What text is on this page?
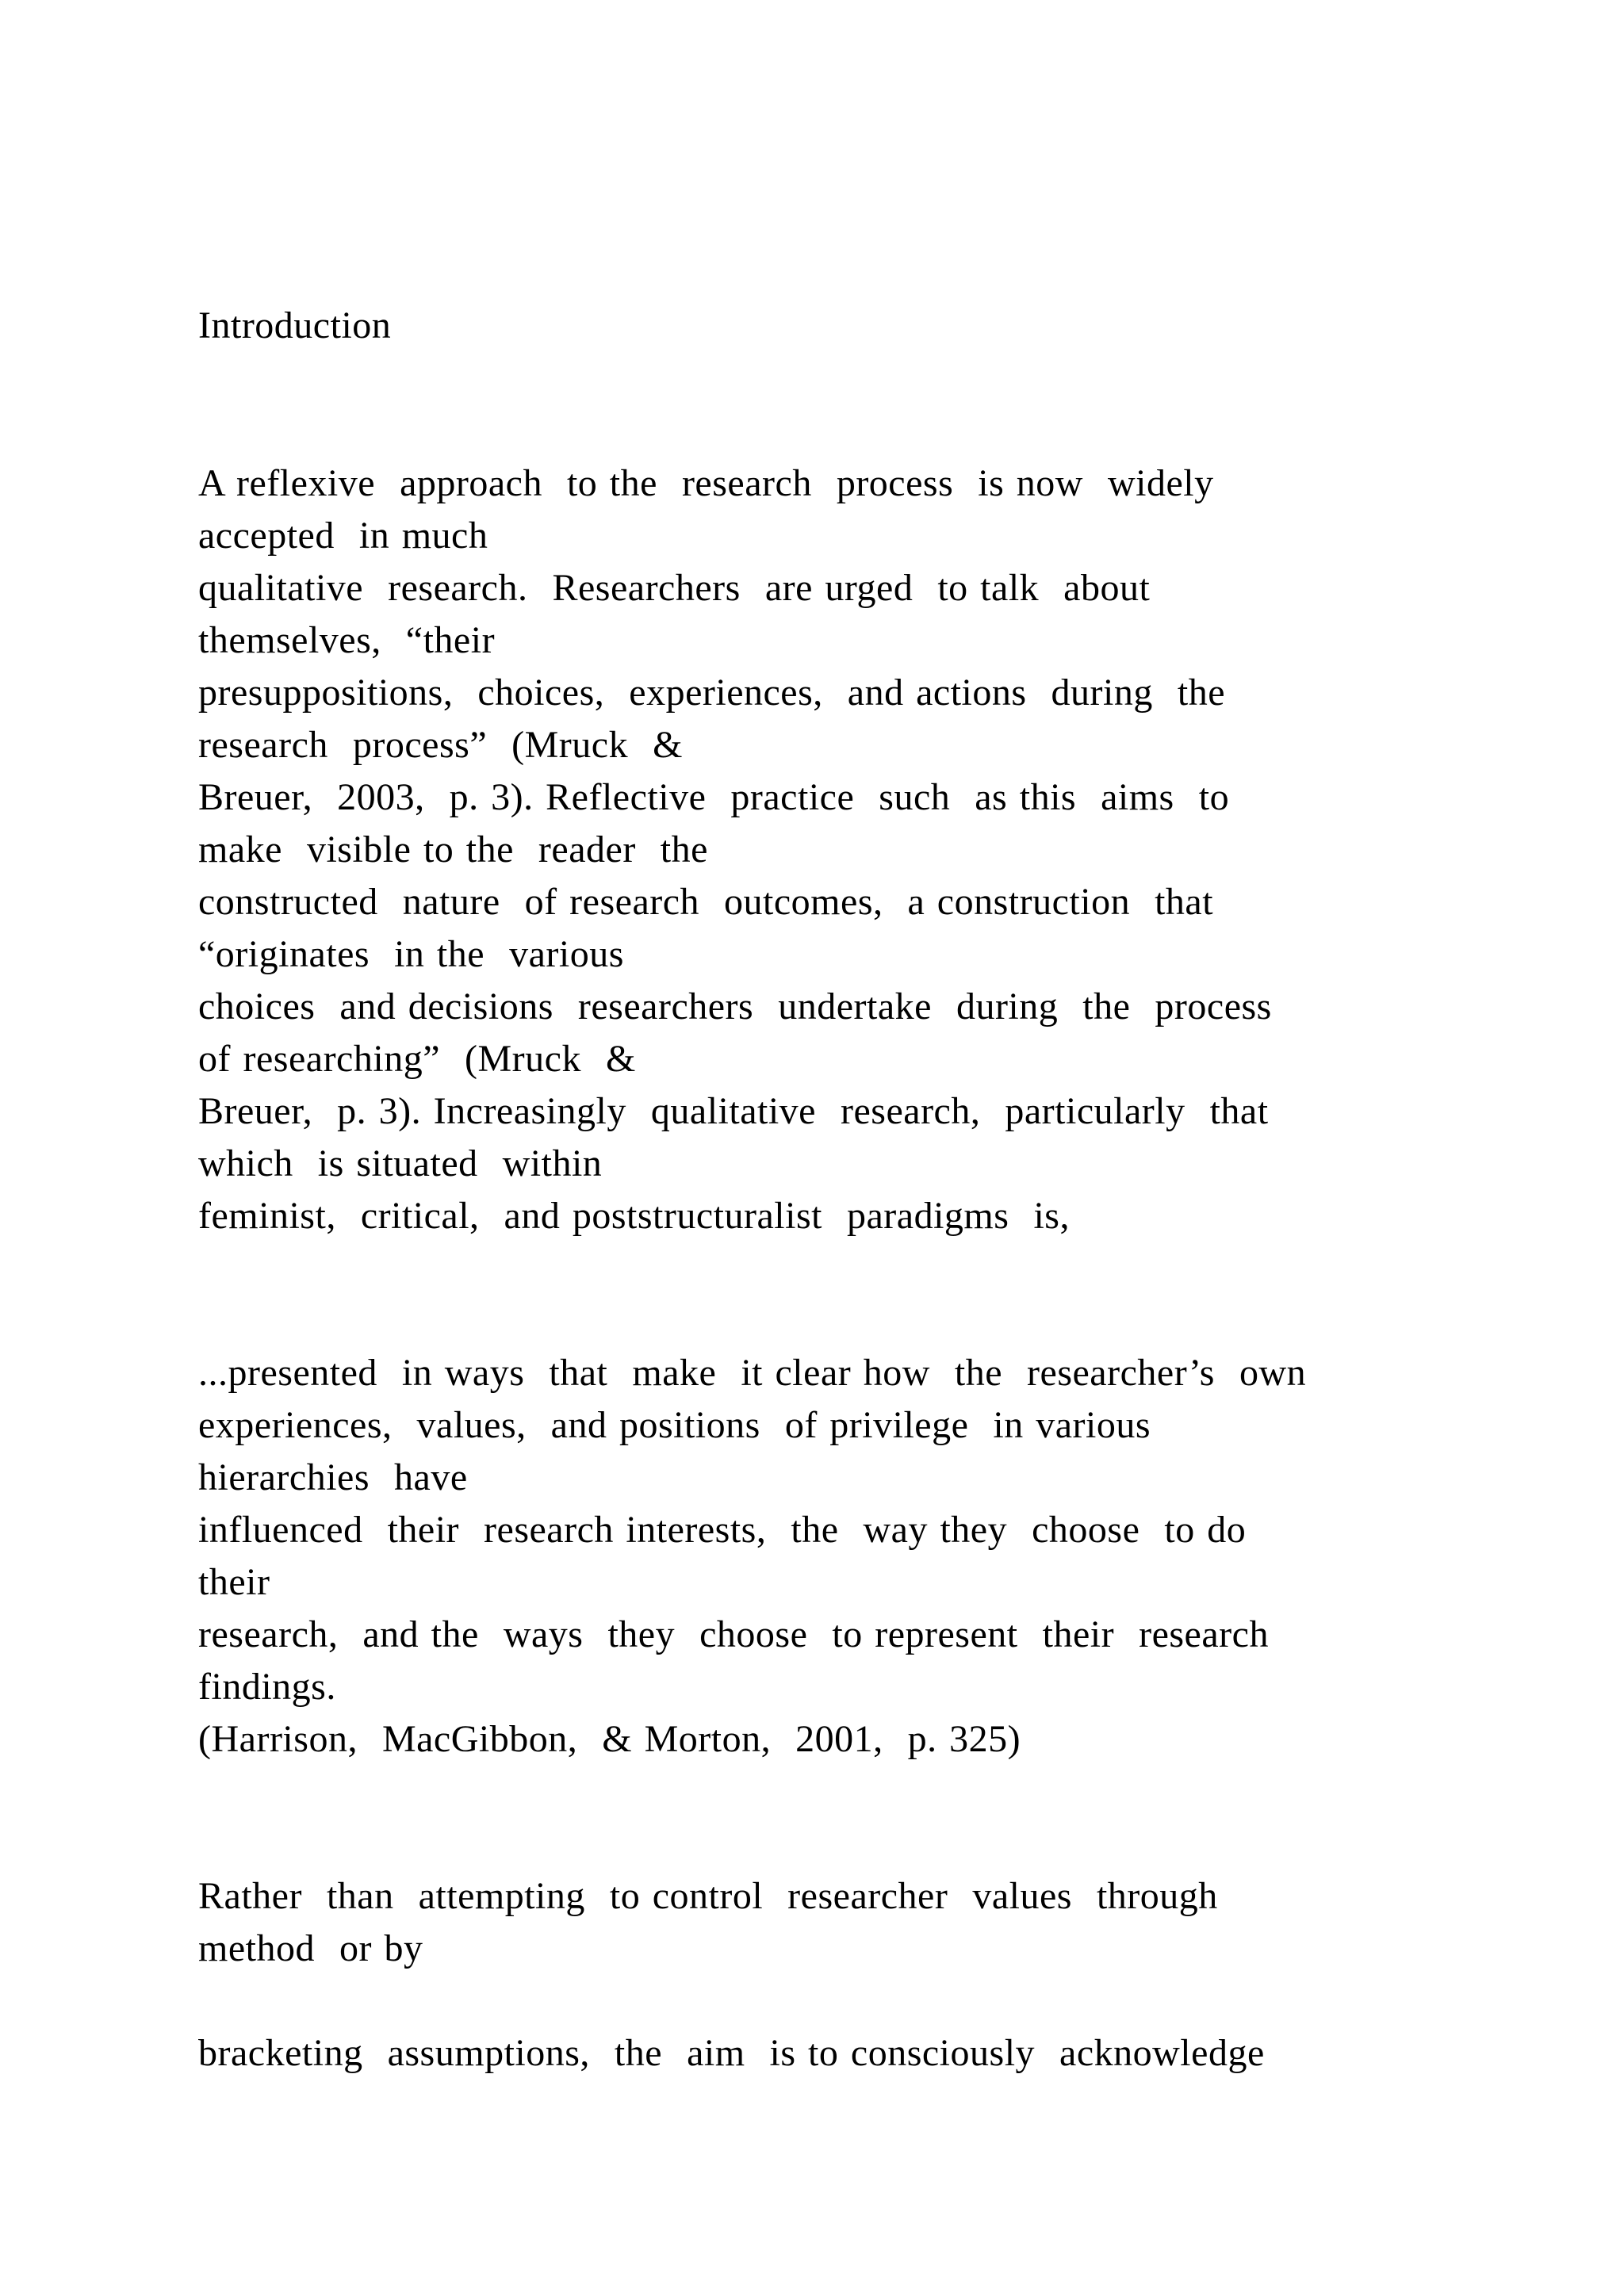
Introduction

A reflexive  approach  to the  research  process  is now  widely

accepted  in much

qualitative  research.  Researchers  are urged  to talk  about

themselves,  “their

presuppositions,  choices,  experiences,  and actions  during  the

research  process”  (Mruck  &

Breuer,  2003,  p. 3). Reflective  practice  such  as this  aims  to

make  visible to the  reader  the

constructed  nature  of research  outcomes,  a construction  that

“originates  in the  various

choices  and decisions  researchers  undertake  during  the  process

of researching”  (Mruck  &

Breuer,  p. 3). Increasingly  qualitative  research,  particularly  that

which  is situated  within

feminist,  critical,  and poststructuralist  paradigms  is,

...presented  in ways  that  make  it clear how  the  researcher’s  own

experiences,  values,  and positions  of privilege  in various

hierarchies  have

influenced  their  research interests,  the  way they  choose  to do

their

research,  and the  ways  they  choose  to represent  their  research

findings.

(Harrison,  MacGibbon,  & Morton,  2001,  p. 325)

Rather  than  attempting  to control  researcher  values  through

method  or by

bracketing  assumptions,  the  aim  is to consciously  acknowledge
